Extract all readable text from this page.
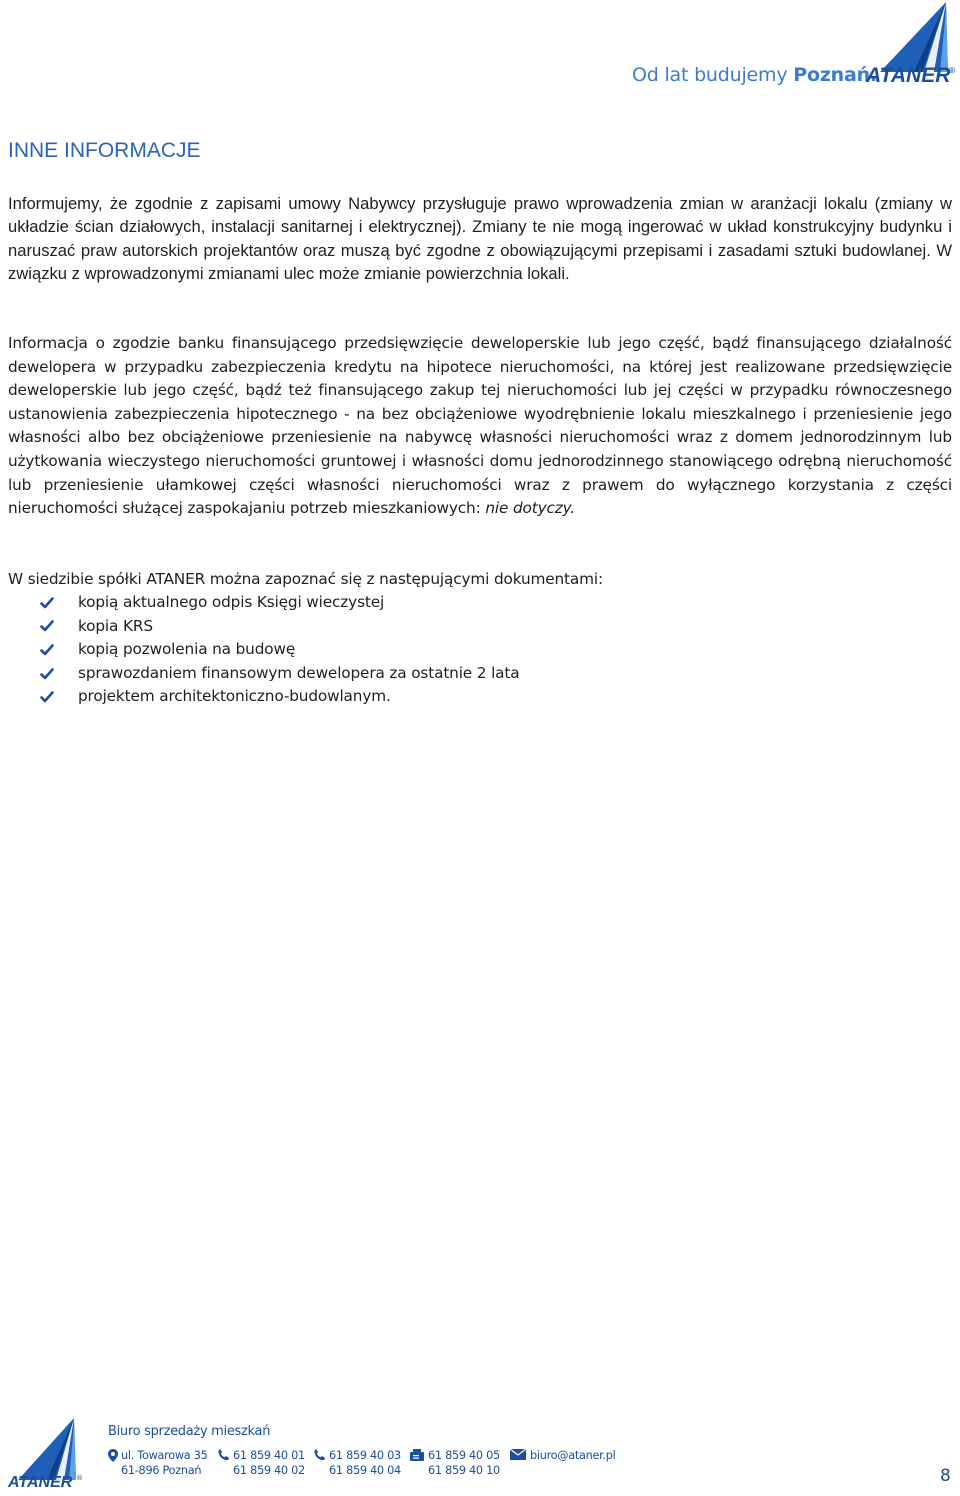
Od lat budujemy Poznań.
ATANER
®
INNE INFORMACJE

Informujemy, że zgodnie z zapisami umowy Nabywcy przysługuje prawo wprowadzenia zmian w aranżacji lokalu (zmiany w układzie ścian działowych, instalacji sanitarnej i elektrycznej). Zmiany te nie mogą ingerować w układ konstrukcyjny budynku i naruszać praw autorskich projektantów oraz muszą być zgodne z obowiązującymi przepisami i zasadami sztuki budowlanej. W związku z wprowadzonymi zmianami ulec może zmianie powierzchnia lokali.

Informacja o zgodzie banku finansującego przedsięwzięcie deweloperskie lub jego część, bądź finansującego działalność dewelopera w przypadku zabezpieczenia kredytu na hipotece nieruchomości, na której jest realizowane przedsięwzięcie deweloperskie lub jego część, bądź też finansującego zakup tej nieruchomości lub jej części w przypadku równoczesnego ustanowienia zabezpieczenia hipotecznego - na bez obciążeniowe wyodrębnienie lokalu mieszkalnego i przeniesienie jego własności albo bez obciążeniowe przeniesienie na nabywcę własności nieruchomości wraz z domem jednorodzinnym lub użytkowania wieczystego nieruchomości gruntowej i własności domu jednorodzinnego stanowiącego odrębną nieruchomość lub przeniesienie ułamkowej części własności nieruchomości wraz z prawem do wyłącznego korzystania z części nieruchomości służącej zaspokajaniu potrzeb mieszkaniowych: nie dotyczy.

W siedzibie spółki ATANER można zapoznać się z następującymi dokumentami:

kopią aktualnego odpis Księgi wieczystej
kopia KRS
kopią pozwolenia na budowę
sprawozdaniem finansowym dewelopera za ostatnie 2 lata
projektem architektoniczno-budowlanym.
ATANER ®
Biuro sprzedaży mieszkań
ul. Towarowa 35
61-896 Poznań
61 859 40 01
61 859 40 02
61 859 40 03
61 859 40 04
61 859 40 05
61 859 40 10
biuro@ataner.pl
8
